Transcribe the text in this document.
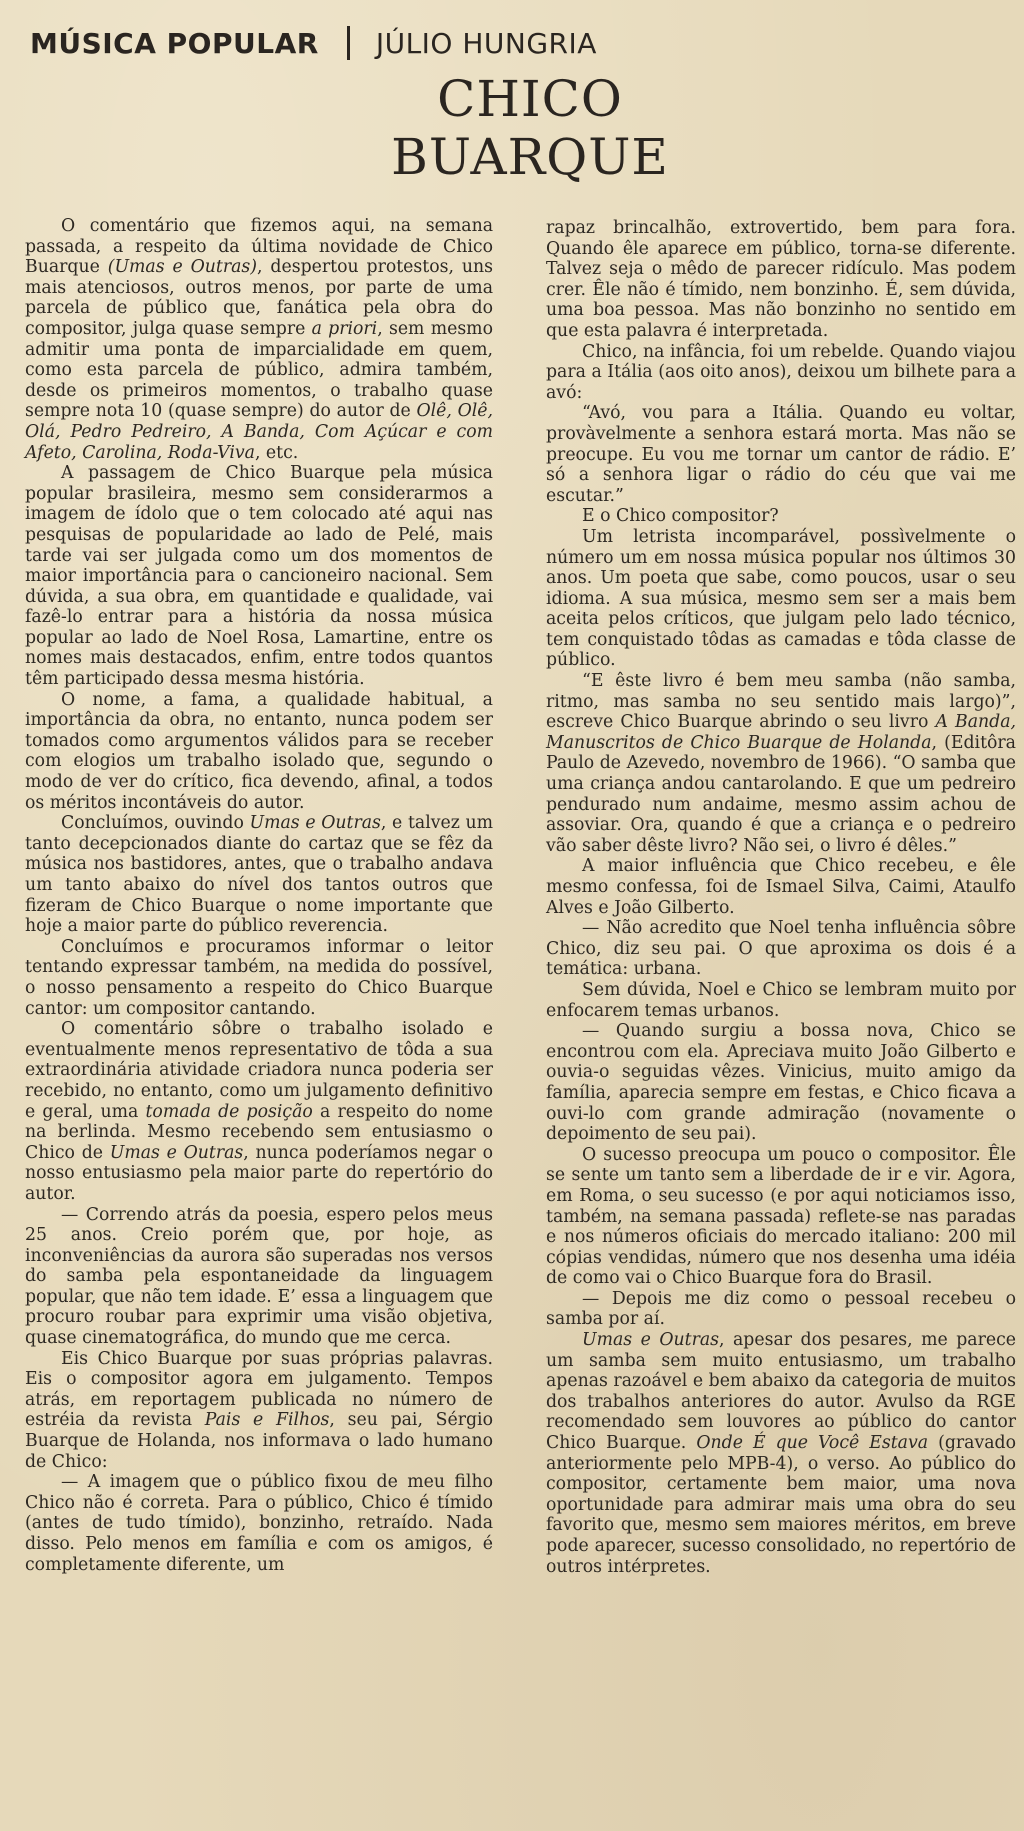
MÚSICA POPULAR JÚLIO HUNGRIA
CHICO
BUARQUE

O comentário que fizemos aqui, na semana passada, a respeito da última novidade de Chico Buarque (Umas e Outras), despertou protestos, uns mais atenciosos, outros menos, por parte de uma parcela de público que, fanática pela obra do compositor, julga quase sempre a priori, sem mesmo admitir uma ponta de imparcialidade em quem, como esta parcela de público, admira também, desde os primeiros momentos, o trabalho quase sempre nota 10 (quase sempre) do autor de Olê, Olê, Olá, Pedro Pedreiro, A Banda, Com Açúcar e com Afeto, Carolina, Roda-Viva, etc.

A passagem de Chico Buarque pela música popular brasileira, mesmo sem considerarmos a imagem de ídolo que o tem colocado até aqui nas pesquisas de popularidade ao lado de Pelé, mais tarde vai ser julgada como um dos momentos de maior importância para o cancioneiro nacional. Sem dúvida, a sua obra, em quantidade e qualidade, vai fazê-lo entrar para a história da nossa música popular ao lado de Noel Rosa, Lamartine, entre os nomes mais destacados, enfim, entre todos quantos têm participado dessa mesma história.

O nome, a fama, a qualidade habitual, a importância da obra, no entanto, nunca podem ser tomados como argumentos válidos para se receber com elogios um trabalho isolado que, segundo o modo de ver do crítico, fica devendo, afinal, a todos os méritos incontáveis do autor.

Concluímos, ouvindo Umas e Outras, e talvez um tanto decepcionados diante do cartaz que se fêz da música nos bastidores, antes, que o trabalho andava um tanto abaixo do nível dos tantos outros que fizeram de Chico Buarque o nome importante que hoje a maior parte do público reverencia.

Concluímos e procuramos informar o leitor tentando expressar também, na medida do possível, o nosso pensamento a respeito do Chico Buarque cantor: um compositor cantando.

O comentário sôbre o trabalho isolado e eventualmente menos representativo de tôda a sua extraordinária atividade criadora nunca poderia ser recebido, no entanto, como um julgamento definitivo e geral, uma tomada de posição a respeito do nome na berlinda. Mesmo recebendo sem entusiasmo o Chico de Umas e Outras, nunca poderíamos negar o nosso entusiasmo pela maior parte do repertório do autor.

— Correndo atrás da poesia, espero pelos meus 25 anos. Creio porém que, por hoje, as inconveniências da aurora são superadas nos versos do samba pela espontaneidade da linguagem popular, que não tem idade. E’ essa a linguagem que procuro roubar para exprimir uma visão objetiva, quase cinematográfica, do mundo que me cerca.

Eis Chico Buarque por suas próprias palavras. Eis o compositor agora em julgamento. Tempos atrás, em reportagem publicada no número de estréia da revista Pais e Filhos, seu pai, Sérgio Buarque de Holanda, nos informava o lado humano de Chico:

— A imagem que o público fixou de meu filho Chico não é correta. Para o público, Chico é tímido (antes de tudo tímido), bonzinho, retraído. Nada disso. Pelo menos em família e com os amigos, é completamente diferente, um

rapaz brincalhão, extrovertido, bem para fora. Quando êle aparece em público, torna-se diferente. Talvez seja o mêdo de parecer ridículo. Mas podem crer. Êle não é tímido, nem bonzinho. É, sem dúvida, uma boa pessoa. Mas não bonzinho no sentido em que esta palavra é interpretada.

Chico, na infância, foi um rebelde. Quando viajou para a Itália (aos oito anos), deixou um bilhete para a avó:

“Avó, vou para a Itália. Quando eu voltar, provàvelmente a senhora estará morta. Mas não se preocupe. Eu vou me tornar um cantor de rádio. E’ só a senhora ligar o rádio do céu que vai me escutar.”

E o Chico compositor?

Um letrista incomparável, possìvelmente o número um em nossa música popular nos últimos 30 anos. Um poeta que sabe, como poucos, usar o seu idioma. A sua música, mesmo sem ser a mais bem aceita pelos críticos, que julgam pelo lado técnico, tem conquistado tôdas as camadas e tôda classe de público.

“E êste livro é bem meu samba (não samba, ritmo, mas samba no seu sentido mais largo)”, escreve Chico Buarque abrindo o seu livro A Banda, Manuscritos de Chico Buarque de Holanda, (Editôra Paulo de Azevedo, novembro de 1966). “O samba que uma criança andou cantarolando. E que um pedreiro pendurado num andaime, mesmo assim achou de assoviar. Ora, quando é que a criança e o pedreiro vão saber dêste livro? Não sei, o livro é dêles.”

A maior influência que Chico recebeu, e êle mesmo confessa, foi de Ismael Silva, Caimi, Ataulfo Alves e João Gilberto.

— Não acredito que Noel tenha influência sôbre Chico, diz seu pai. O que aproxima os dois é a temática: urbana.

Sem dúvida, Noel e Chico se lembram muito por enfocarem temas urbanos.

— Quando surgiu a bossa nova, Chico se encontrou com ela. Apreciava muito João Gilberto e ouvia-o seguidas vêzes. Vinicius, muito amigo da família, aparecia sempre em festas, e Chico ficava a ouvi-lo com grande admiração (novamente o depoimento de seu pai).

O sucesso preocupa um pouco o compositor. Êle se sente um tanto sem a liberdade de ir e vir. Agora, em Roma, o seu sucesso (e por aqui noticiamos isso, também, na semana passada) reflete-se nas paradas e nos números oficiais do mercado italiano: 200 mil cópias vendidas, número que nos desenha uma idéia de como vai o Chico Buarque fora do Brasil.

— Depois me diz como o pessoal recebeu o samba por aí.

Umas e Outras, apesar dos pesares, me parece um samba sem muito entusiasmo, um trabalho apenas razoável e bem abaixo da categoria de muitos dos trabalhos anteriores do autor. Avulso da RGE recomendado sem louvores ao público do cantor Chico Buarque. Onde É que Você Estava (gravado anteriormente pelo MPB-4), o verso. Ao público do compositor, certamente bem maior, uma nova oportunidade para admirar mais uma obra do seu favorito que, mesmo sem maiores méritos, em breve pode aparecer, sucesso consolidado, no repertório de outros intérpretes.
